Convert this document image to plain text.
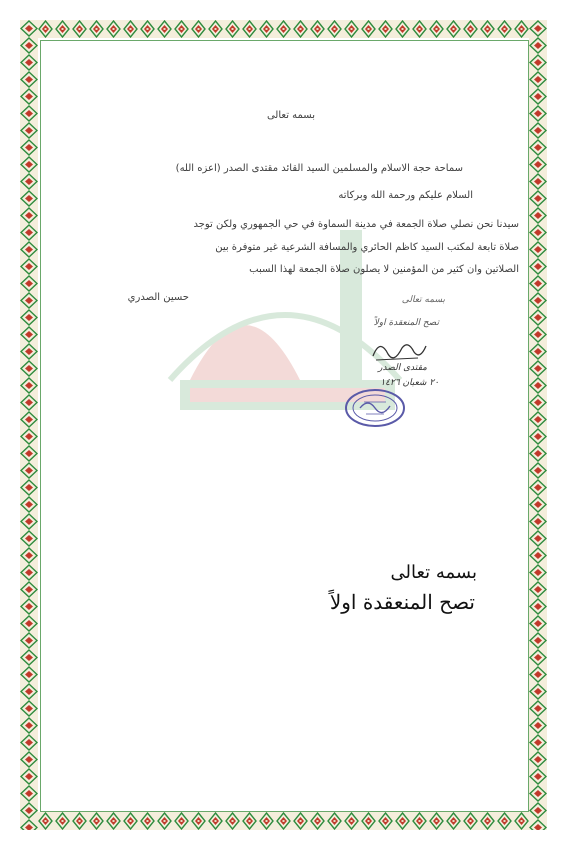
بسمه تعالى
سماحة حجة الاسلام والمسلمين السيد القائد مقتدى الصدر (اعزه الله)
السلام عليكم ورحمة الله وبركاته
سيدنا نحن نصلي صلاة الجمعة في مدينة السماوة في حي الجمهوري ولكن توجد
صلاة تابعة لمكتب السيد كاظم الحائري والمسافة الشرعية غير متوفرة بين
الصلاتين وان كثير من المؤمنين لا يصلون صلاة الجمعة لهذا السبب
حسين الصدري	بسمه تعالى
تصح المنعقدة اولاً
مقتدى الصدر
٢٠ شعبان ١٤٢٦
بسمه تعالى
تصح المنعقدة اولاً
